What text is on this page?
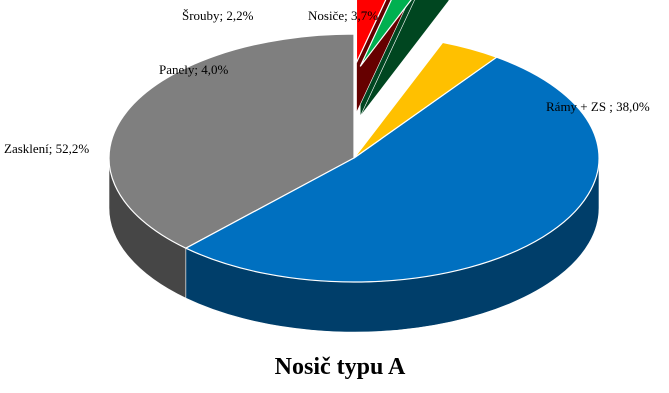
Rámy + ZS ; 38,0%
Zasklení; 52,2%
Panely; 4,0%
Šrouby; 2,2%	Nosiče; 3,7%
Nosič typu A
